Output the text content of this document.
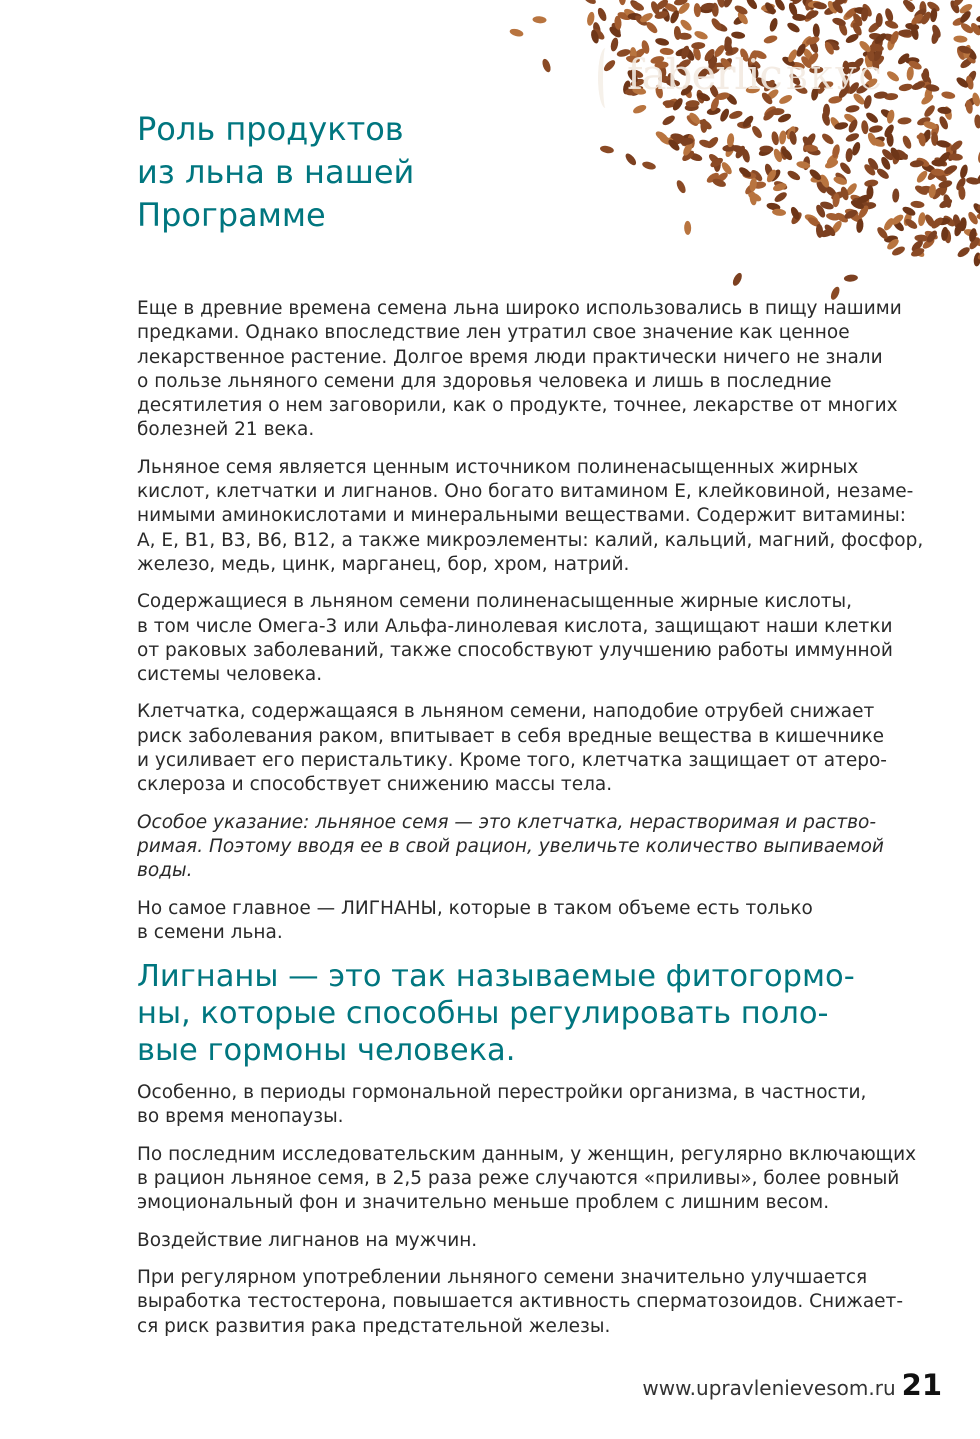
faberlic ВКУС
Роль продуктов
из льна в нашей
Программе

Еще в древние времена семена льна широко использовались в пищу нашими
предками. Однако впоследствие лен утратил свое значение как ценное
лекарственное растение. Долгое время люди практически ничего не знали
о пользе льняного семени для здоровья человека и лишь в последние
десятилетия о нем заговорили, как о продукте, точнее, лекарстве от многих
болезней 21 века.

Льняное семя является ценным источником полиненасыщенных жирных
кислот, клетчатки и лигнанов. Оно богато витамином Е, клейковиной, незаме-
нимыми аминокислотами и минеральными веществами. Содержит витамины:
А, Е, В1, В3, В6, В12, а также микроэлементы: калий, кальций, магний, фосфор,
железо, медь, цинк, марганец, бор, хром, натрий.

Содержащиеся в льняном семени полиненасыщенные жирные кислоты,
в том числе Омега-3 или Альфа-линолевая кислота, защищают наши клетки
от раковых заболеваний, также способствуют улучшению работы иммунной
системы человека.

Клетчатка, содержащаяся в льняном семени, наподобие отрубей снижает
риск заболевания раком, впитывает в себя вредные вещества в кишечнике
и усиливает его перистальтику. Кроме того, клетчатка защищает от атеро-
склероза и способствует снижению массы тела.

Особое указание: льняное семя — это клетчатка, нерастворимая и раство-
римая. Поэтому вводя ее в свой рацион, увеличьте количество выпиваемой
воды.

Но самое главное — ЛИГНАНЫ, которые в таком объеме есть только
в семени льна.

Лигнаны — это так называемые фитогормо-
ны, которые способны регулировать поло-
вые гормоны человека.

Особенно, в периоды гормональной перестройки организма, в частности,
во время менопаузы.

По последним исследовательским данным, у женщин, регулярно включающих
в рацион льняное семя, в 2,5 раза реже случаются «приливы», более ровный
эмоциональный фон и значительно меньше проблем с лишним весом.

Воздействие лигнанов на мужчин.

При регулярном употреблении льняного семени значительно улучшается
выработка тестостерона, повышается активность сперматозоидов. Снижает-
ся риск развития рака предстательной железы.

www.upravlenievesom.ru 21
